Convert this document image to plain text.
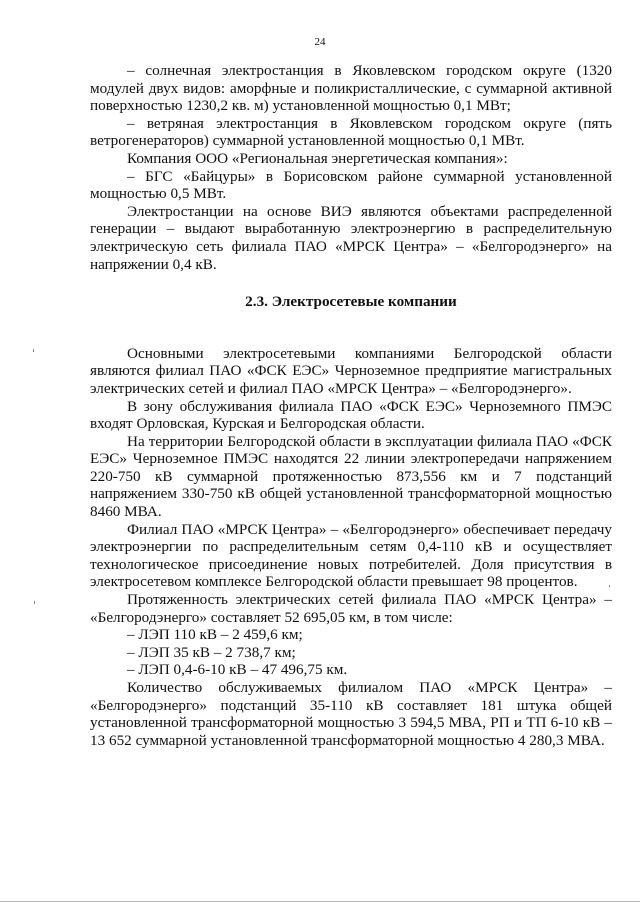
24

– солнечная электростанция в Яковлевском городском округе (1320 модулей двух видов: аморфные и поликристаллические, с суммарной активной поверхностью 1230,2 кв. м) установленной мощностью 0,1 МВт;

– ветряная электростанция в Яковлевском городском округе (пять ветрогенераторов) суммарной установленной мощностью 0,1 МВт.

Компания ООО «Региональная энергетическая компания»:

– БГС «Байцуры» в Борисовском районе суммарной установленной мощностью 0,5 МВт.

Электростанции на основе ВИЭ являются объектами распределенной генерации – выдают выработанную электроэнергию в распределительную электрическую сеть филиала ПАО «МРСК Центра» – «Белгородэнерго» на напряжении 0,4 кВ.

2.3. Электросетевые компании

Основными электросетевыми компаниями Белгородской области являются филиал ПАО «ФСК ЕЭС» Черноземное предприятие магистральных электрических сетей и филиал ПАО «МРСК Центра» – «Белгородэнерго».

В зону обслуживания филиала ПАО «ФСК ЕЭС» Черноземного ПМЭС входят Орловская, Курская и Белгородская области.

На территории Белгородской области в эксплуатации филиала ПАО «ФСК ЕЭС» Черноземное ПМЭС находятся 22 линии электропередачи напряжением 220-750 кВ суммарной протяженностью 873,556 км и 7 подстанций напряжением 330-750 кВ общей установленной трансформаторной мощностью 8460 МВА.

Филиал ПАО «МРСК Центра» – «Белгородэнерго» обеспечивает передачу электроэнергии по распределительным сетям 0,4-110 кВ и осуществляет технологическое присоединение новых потребителей. Доля присутствия в электросетевом комплексе Белгородской области превышает 98 процентов.

Протяженность электрических сетей филиала ПАО «МРСК Центра» – «Белгородэнерго» составляет 52 695,05 км, в том числе:

– ЛЭП 110 кВ – 2 459,6 км;

– ЛЭП 35 кВ – 2 738,7 км;

– ЛЭП 0,4-6-10 кВ – 47 496,75 км.

Количество обслуживаемых филиалом ПАО «МРСК Центра» – «Белгородэнерго» подстанций 35-110 кВ составляет 181 штука общей установленной трансформаторной мощностью 3 594,5 МВА, РП и ТП 6-10 кВ – 13 652 суммарной установленной трансформаторной мощностью 4 280,3 МВА.
